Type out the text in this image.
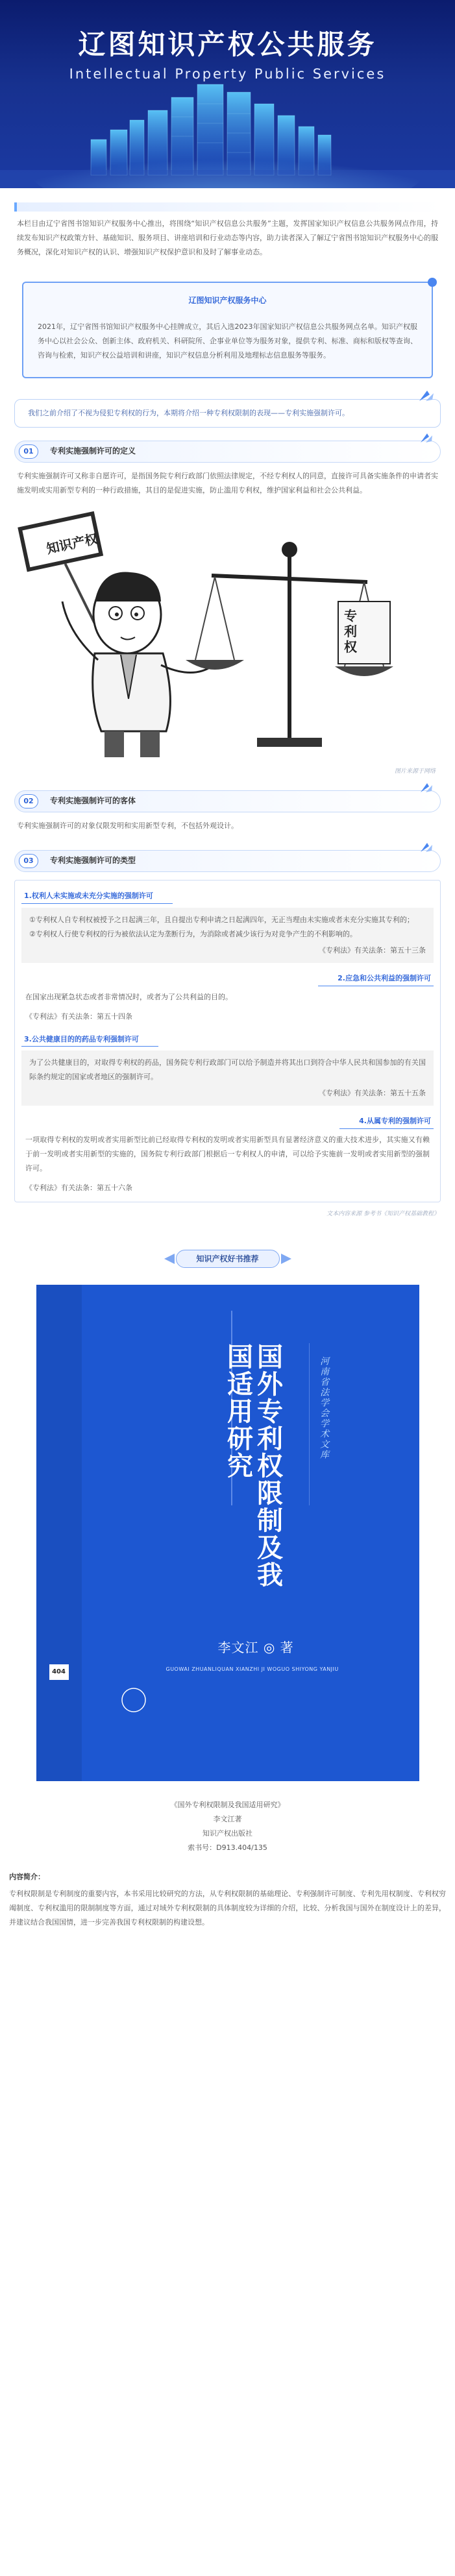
辽图知识产权公共服务
Intellectual Property Public Services

本栏目由辽宁省图书馆知识产权服务中心推出，将围绕“知识产权信息公共服务”主题，发挥国家知识产权信息公共服务网点作用，持续发布知识产权政策方针、基础知识、服务项目、讲座培训和行业动态等内容，助力读者深入了解辽宁省图书馆知识产权服务中心的服务概况，深化对知识产权的认识、增强知识产权保护意识和及时了解事业动态。

辽图知识产权服务中心

2021年，辽宁省图书馆知识产权服务中心挂牌成立，其后入选2023年国家知识产权信息公共服务网点名单。知识产权服务中心以社会公众、创新主体、政府机关、科研院所、企事业单位等为服务对象，提供专利、标准、商标和版权等查询、咨询与检索，知识产权公益培训和讲座，知识产权信息分析利用及地理标志信息服务等服务。

我们之前介绍了不视为侵犯专利权的行为，本期将介绍一种专利权限制的表现——专利实施强制许可。

01	专利实施强制许可的定义

专利实施强制许可又称非自愿许可，是指国务院专利行政部门依照法律规定，不经专利权人的同意，直接许可具备实施条件的申请者实施发明或实用新型专利的一种行政措施，其目的是促进实施，防止滥用专利权，维护国家利益和社会公共利益。

知识产权
专利权
图片来源于网络
02	专利实施强制许可的客体

专利实施强制许可的对象仅限发明和实用新型专利，不包括外观设计。

03	专利实施强制许可的类型
1.权利人未实施或未充分实施的强制许可

①专利权人自专利权被授予之日起满三年，且自提出专利申请之日起满四年，无正当理由未实施或者未充分实施其专利的；

②专利权人行使专利权的行为被依法认定为垄断行为，为消除或者减少该行为对竞争产生的不利影响的。

《专利法》有关法条：第五十三条
2.应急和公共利益的强制许可

在国家出现紧急状态或者非常情况时，或者为了公共利益的目的。

《专利法》有关法条：第五十四条

3.公共健康目的的药品专利强制许可

为了公共健康目的，对取得专利权的药品，国务院专利行政部门可以给予制造并将其出口到符合中华人民共和国参加的有关国际条约规定的国家或者地区的强制许可。

《专利法》有关法条：第五十五条
4.从属专利的强制许可

一项取得专利权的发明或者实用新型比前已经取得专利权的发明或者实用新型具有显著经济意义的重大技术进步，其实施又有赖于前一发明或者实用新型的实施的，国务院专利行政部门根据后一专利权人的申请，可以给予实施前一发明或者实用新型的强制许可。

《专利法》有关法条：第五十六条

文本内容来源 参考书《知识产权基础教程》
知识产权好书推荐
国外专利权限制及我国适用研究	河南省法学会学术文库
李文江 ◎ 著
GUOWAI ZHUANLIQUAN XIANZHI JI WOGUO SHIYONG YANJIU
404
《国外专利权限制及我国适用研究》
李文江著
知识产权出版社
索书号：D913.404/135
内容简介：

专利权限制是专利制度的重要内容，本书采用比较研究的方法，从专利权限制的基础理论、专利强制许可制度、专利先用权制度、专利权穷竭制度、专利权滥用的限制制度等方面，通过对域外专利权限制的具体制度较为详细的介绍，比较、分析我国与国外在制度设计上的差异，并建议结合我国国情，进一步完善我国专利权限制的构建设想。
